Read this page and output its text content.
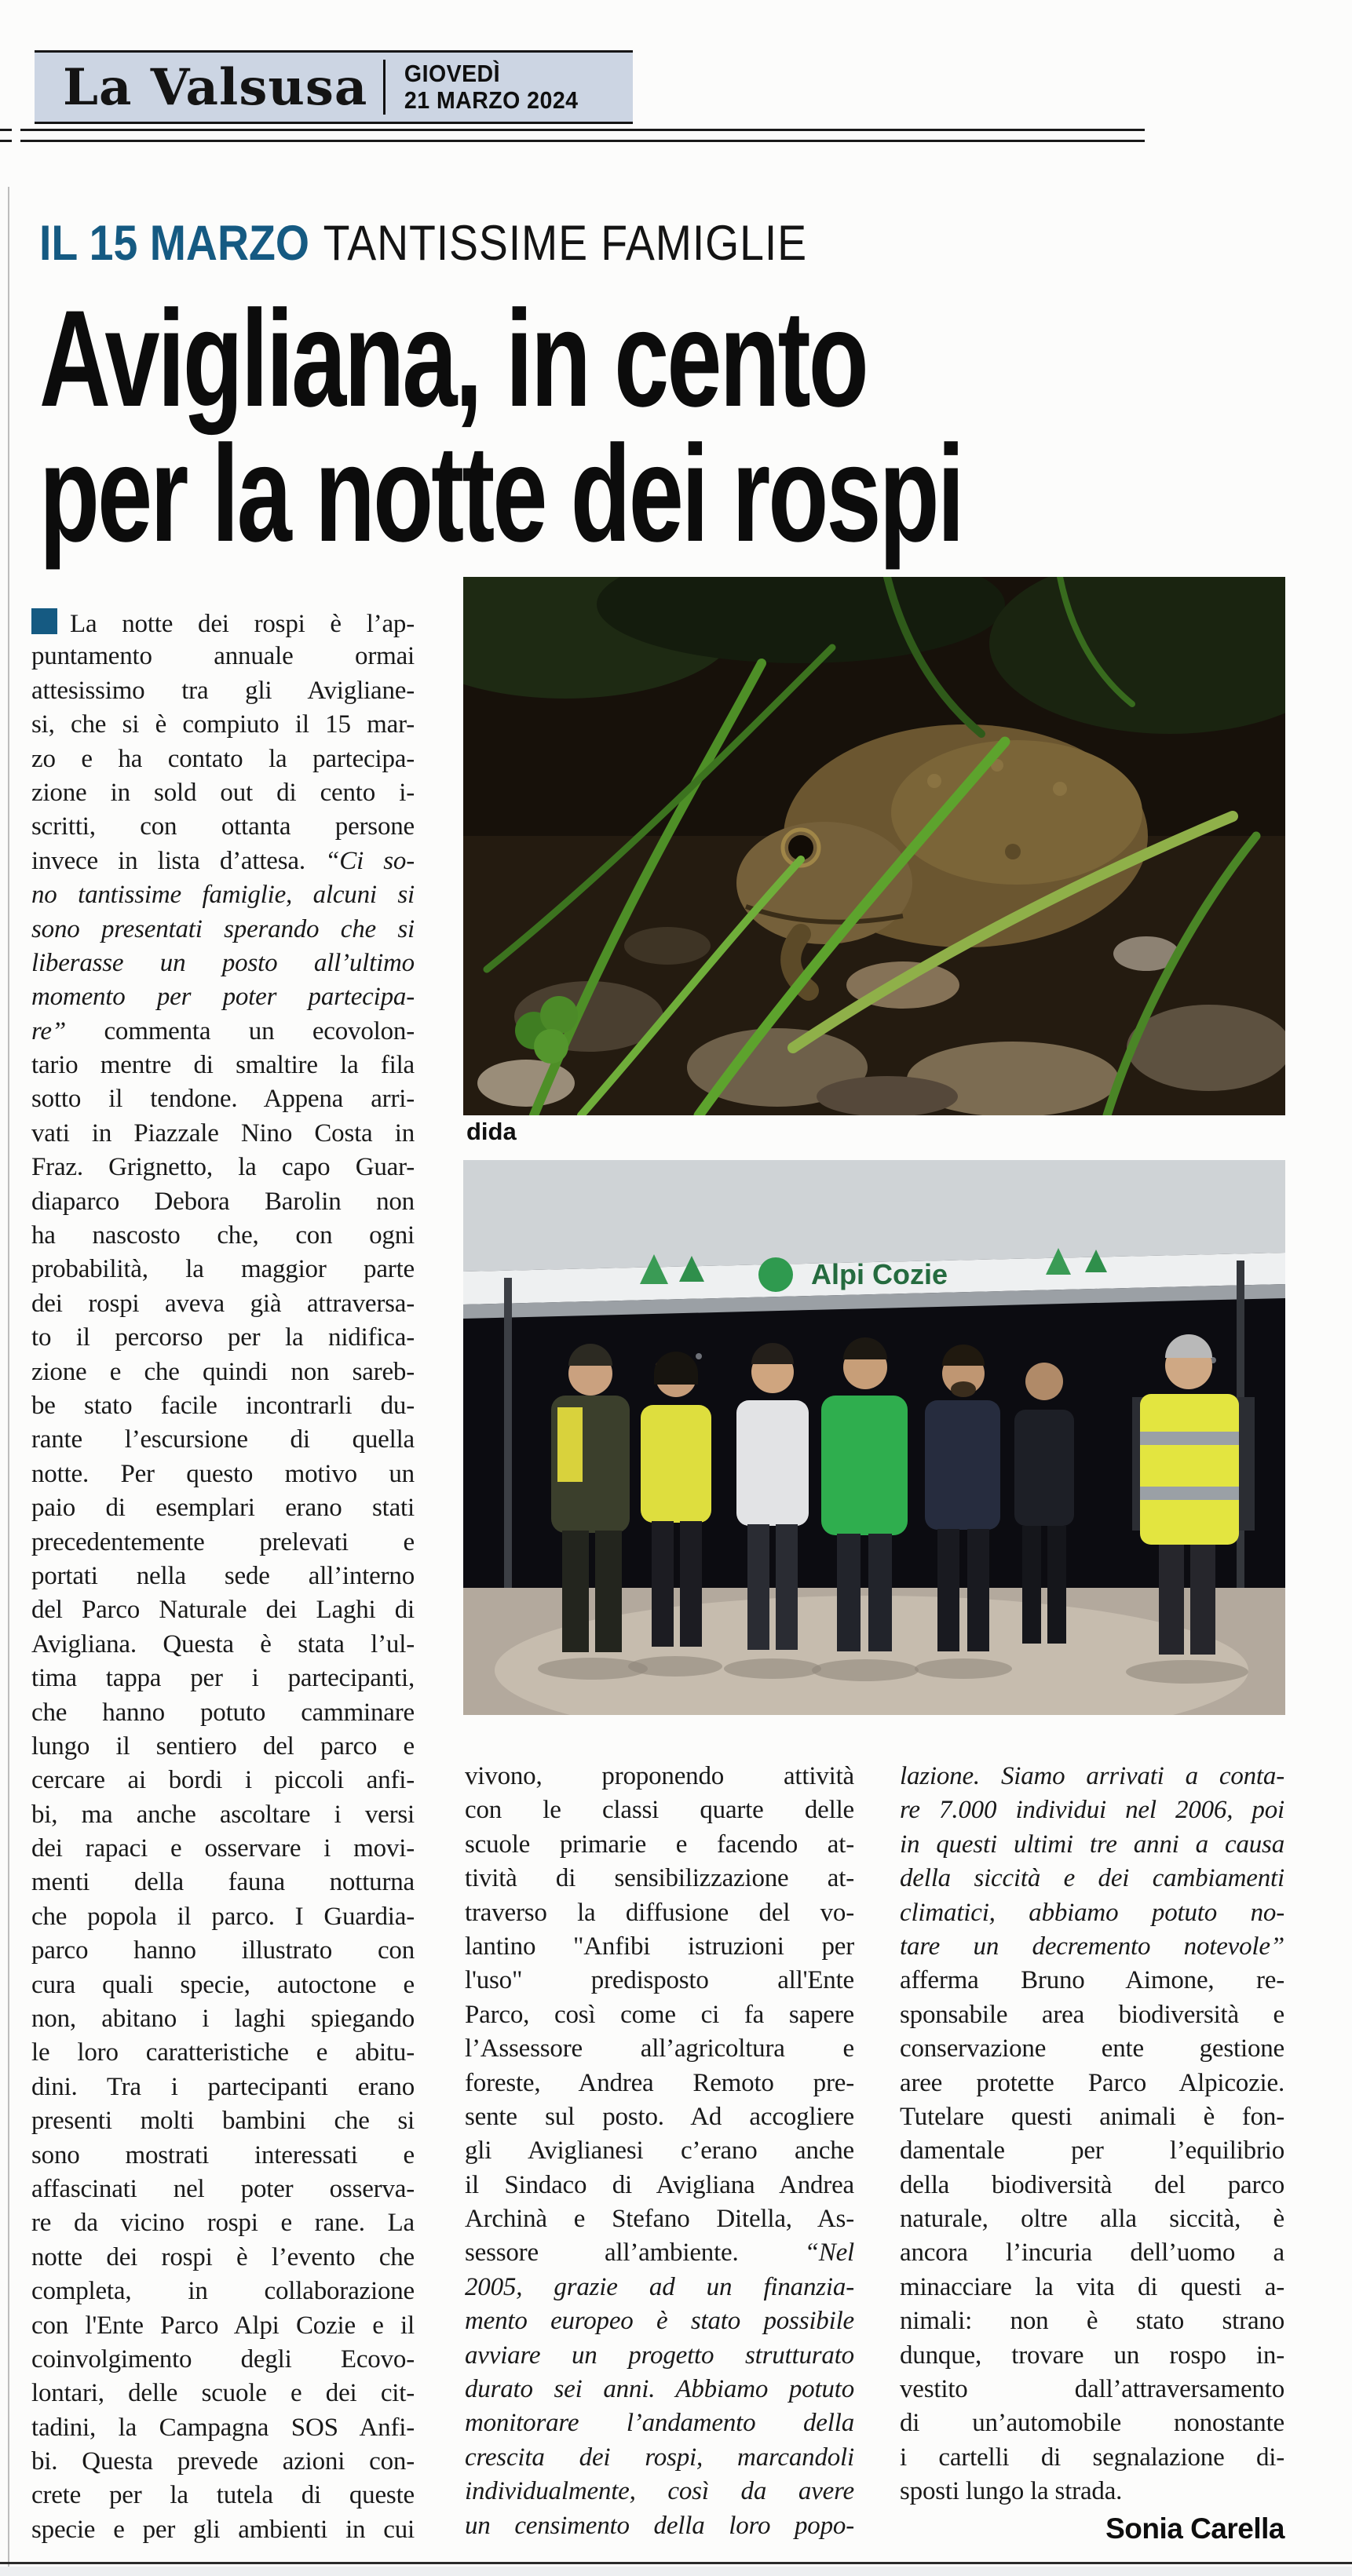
La Valsusa	GIOVEDÌ
21 MARZO 2024
IL 15 MARZO TANTISSIME FAMIGLIE
Avigliana, in cento
per la notte dei rospi
dida
Alpi Cozie
La notte dei rospi è l’ap-
puntamento annuale ormai
attesissimo tra gli Avigliane-
si, che si è compiuto il 15 mar-
zo e ha contato la partecipa-
zione in sold out di cento i-
scritti, con ottanta persone
invece in lista d’attesa. “Ci so-
no tantissime famiglie, alcuni si
sono presentati sperando che si
liberasse un posto all’ultimo
momento per poter partecipa-
re” commenta un ecovolon-
tario mentre di smaltire la fila
sotto il tendone. Appena arri-
vati in Piazzale Nino Costa in
Fraz. Grignetto, la capo Guar-
diaparco Debora Barolin non
ha nascosto che, con ogni
probabilità, la maggior parte
dei rospi aveva già attraversa-
to il percorso per la nidifica-
zione e che quindi non sareb-
be stato facile incontrarli du-
rante l’escursione di quella
notte. Per questo motivo un
paio di esemplari erano stati
precedentemente prelevati e
portati nella sede all’interno
del Parco Naturale dei Laghi di
Avigliana. Questa è stata l’ul-
tima tappa per i partecipanti,
che hanno potuto camminare
lungo il sentiero del parco e
cercare ai bordi i piccoli anfi-
bi, ma anche ascoltare i versi
dei rapaci e osservare i movi-
menti della fauna notturna
che popola il parco. I Guardia-
parco hanno illustrato con
cura quali specie, autoctone e
non, abitano i laghi spiegando
le loro caratteristiche e abitu-
dini. Tra i partecipanti erano
presenti molti bambini che si
sono mostrati interessati e
affascinati nel poter osserva-
re da vicino rospi e rane. La
notte dei rospi è l’evento che
completa, in collaborazione
con l'Ente Parco Alpi Cozie e il
coinvolgimento degli Ecovo-
lontari, delle scuole e dei cit-
tadini, la Campagna SOS Anfi-
bi. Questa prevede azioni con-
crete per la tutela di queste
specie e per gli ambienti in cui
vivono, proponendo attività
con le classi quarte delle
scuole primarie e facendo at-
tività di sensibilizzazione at-
traverso la diffusione del vo-
lantino "Anfibi istruzioni per
l'uso" predisposto all'Ente
Parco, così come ci fa sapere
l’Assessore all’agricoltura e
foreste, Andrea Remoto pre-
sente sul posto. Ad accogliere
gli Aviglianesi c’erano anche
il Sindaco di Avigliana Andrea
Archinà e Stefano Ditella, As-
sessore all’ambiente. “Nel
2005, grazie ad un finanzia-
mento europeo è stato possibile
avviare un progetto strutturato
durato sei anni. Abbiamo potuto
monitorare l’andamento della
crescita dei rospi, marcandoli
individualmente, così da avere
un censimento della loro popo-
lazione. Siamo arrivati a conta-
re 7.000 individui nel 2006, poi
in questi ultimi tre anni a causa
della siccità e dei cambiamenti
climatici, abbiamo potuto no-
tare un decremento notevole”
afferma Bruno Aimone, re-
sponsabile area biodiversità e
conservazione ente gestione
aree protette Parco Alpicozie.
Tutelare questi animali è fon-
damentale per l’equilibrio
della biodiversità del parco
naturale, oltre alla siccità, è
ancora l’incuria dell’uomo a
minacciare la vita di questi a-
nimali: non è stato strano
dunque, trovare un rospo in-
vestito dall’attraversamento
di un’automobile nonostante
i cartelli di segnalazione di-
sposti lungo la strada.
Sonia Carella
